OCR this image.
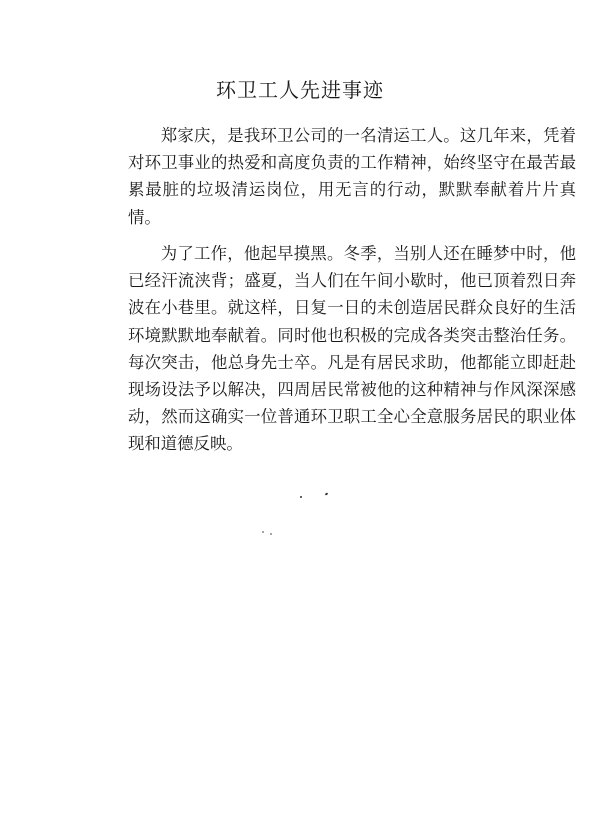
环卫工人先进事迹

郑家庆，是我环卫公司的一名清运工人。这几年来，凭着对环卫事业的热爱和高度负责的工作精神，始终坚守在最苦最累最脏的垃圾清运岗位，用无言的行动，默默奉献着片片真情。

为了工作，他起早摸黑。冬季，当别人还在睡梦中时，他已经汗流浃背；盛夏，当人们在午间小歇时，他已顶着烈日奔波在小巷里。就这样，日复一日的未创造居民群众良好的生活环境默默地奉献着。同时他也积极的完成各类突击整治任务。每次突击，他总身先士卒。凡是有居民求助，他都能立即赶赴现场设法予以解决，四周居民常被他的这种精神与作风深深感动，然而这确实一位普通环卫职工全心全意服务居民的职业体现和道德反映。
